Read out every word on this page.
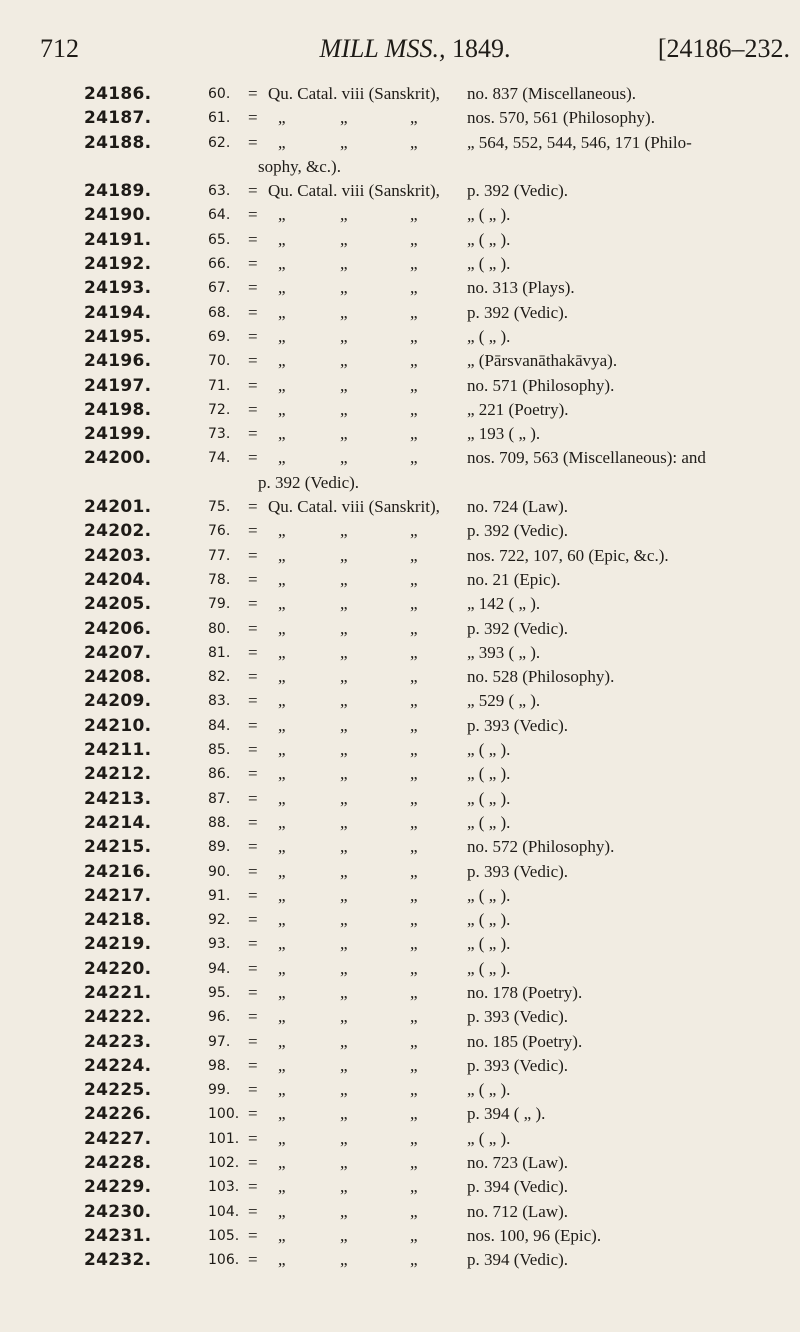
712	MILL MSS., 1849.	[24186–232.
24186.	60. = Qu. Catal. viii (Sanskrit), no. 837 (Miscellaneous).
24187.	61. = „	„	„	nos. 570, 561 (Philosophy).
24188.	62. = „	„	„	„ 564, 552, 544, 546, 171 (Philo-
sophy, &c.).
24189.	63. = Qu. Catal. viii (Sanskrit), p. 392 (Vedic).
24190.	64. = „	„	„	„ ( „ ).
24191.	65. = „	„	„	„ ( „ ).
24192.	66. = „	„	„	„ ( „ ).
24193.	67. = „	„	„	no. 313 (Plays).
24194.	68. = „	„	„	p. 392 (Vedic).
24195.	69. = „	„	„	„ ( „ ).
24196.	70. = „	„	„	„ (Pārsvanāthakāvya).
24197.	71. = „	„	„	no. 571 (Philosophy).
24198.	72. = „	„	„	„ 221 (Poetry).
24199.	73. = „	„	„	„ 193 ( „ ).
24200.	74. = „	„	„	nos. 709, 563 (Miscellaneous): and
p. 392 (Vedic).
24201.	75. = Qu. Catal. viii (Sanskrit), no. 724 (Law).
24202.	76. = „	„	„	p. 392 (Vedic).
24203.	77. = „	„	„	nos. 722, 107, 60 (Epic, &c.).
24204.	78. = „	„	„	no. 21 (Epic).
24205.	79. = „	„	„	„ 142 ( „ ).
24206.	80. = „	„	„	p. 392 (Vedic).
24207.	81. = „	„	„	„ 393 ( „ ).
24208.	82. = „	„	„	no. 528 (Philosophy).
24209.	83. = „	„	„	„ 529 ( „ ).
24210.	84. = „	„	„	p. 393 (Vedic).
24211.	85. = „	„	„	„ ( „ ).
24212.	86. = „	„	„	„ ( „ ).
24213.	87. = „	„	„	„ ( „ ).
24214.	88. = „	„	„	„ ( „ ).
24215.	89. = „	„	„	no. 572 (Philosophy).
24216.	90. = „	„	„	p. 393 (Vedic).
24217.	91. = „	„	„	„ ( „ ).
24218.	92. = „	„	„	„ ( „ ).
24219.	93. = „	„	„	„ ( „ ).
24220.	94. = „	„	„	„ ( „ ).
24221.	95. = „	„	„	no. 178 (Poetry).
24222.	96. = „	„	„	p. 393 (Vedic).
24223.	97. = „	„	„	no. 185 (Poetry).
24224.	98. = „	„	„	p. 393 (Vedic).
24225.	99. = „	„	„	„ ( „ ).
24226.	100. = „	„	„	p. 394 ( „ ).
24227.	101. = „	„	„	„ ( „ ).
24228.	102. = „	„	„	no. 723 (Law).
24229.	103. = „	„	„	p. 394 (Vedic).
24230.	104. = „	„	„	no. 712 (Law).
24231.	105. = „	„	„	nos. 100, 96 (Epic).
24232.	106. = „	„	„	p. 394 (Vedic).
